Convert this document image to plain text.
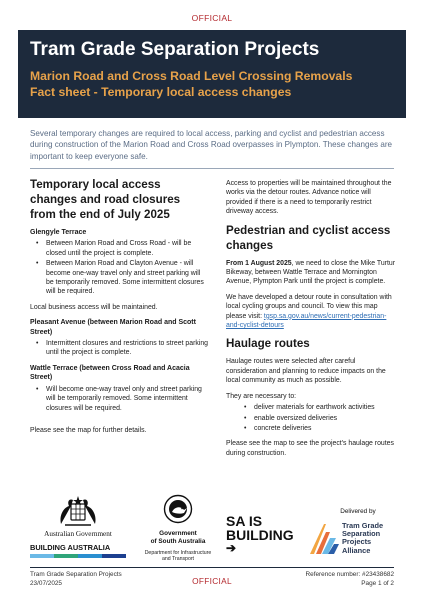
OFFICIAL
Tram Grade Separation Projects
Marion Road and Cross Road Level Crossing Removals
Fact sheet - Temporary local access changes

Several temporary changes are required to local access, parking and cyclist and pedestrian access during construction of the Marion Road and Cross Road overpasses in Plympton. These changes are important to keep everyone safe.

Temporary local access changes and road closures from the end of July 2025
Glengyle Terrace
• Between Marion Road and Cross Road - will be closed until the project is complete.
• Between Marion Road and Clayton Avenue - will become one-way travel only and street parking will be temporarily removed. Some intermittent closures will be required.

Local business access will be maintained.

Pleasant Avenue (between Marion Road and Scott Street)
• Intermittent closures and restrictions to street parking until the project is complete.
Wattle Terrace (between Cross Road and Acacia Street)
• Will become one-way travel only and street parking will be temporarily removed. Some intermittent closures will be required.

Please see the map for further details.

Access to properties will be maintained throughout the works via the detour routes. Advance notice will provided if there is a need to temporarily restrict driveway access.

Pedestrian and cyclist access changes

From 1 August 2025, we need to close the Mike Turtur Bikeway, between Wattle Terrace and Mornington Avenue, Plympton Park until the project is complete.

We have developed a detour route in consultation with local cycling groups and council. To view this map please visit: tgsp.sa.gov.au/news/current-pedestrian-and-cyclist-detours

Haulage routes

Haulage routes were selected after careful consideration and planning to reduce impacts on the local community as much as possible.

They are necessary to:

• deliver materials for earthwork activities
• enable oversized deliveries
• concrete deliveries

Please see the map to see the project's haulage routes during construction.

Australian Government
BUILDING AUSTRALIA
Government
of South Australia
Department for Infrastructure
and Transport
SA IS
BUILDING
➔
Delivered by
Tram Grade
Separation
Projects
Alliance
Tram Grade Separation Projects
23/07/2025	OFFICIAL
Reference number: #23438682
Page 1 of 2
